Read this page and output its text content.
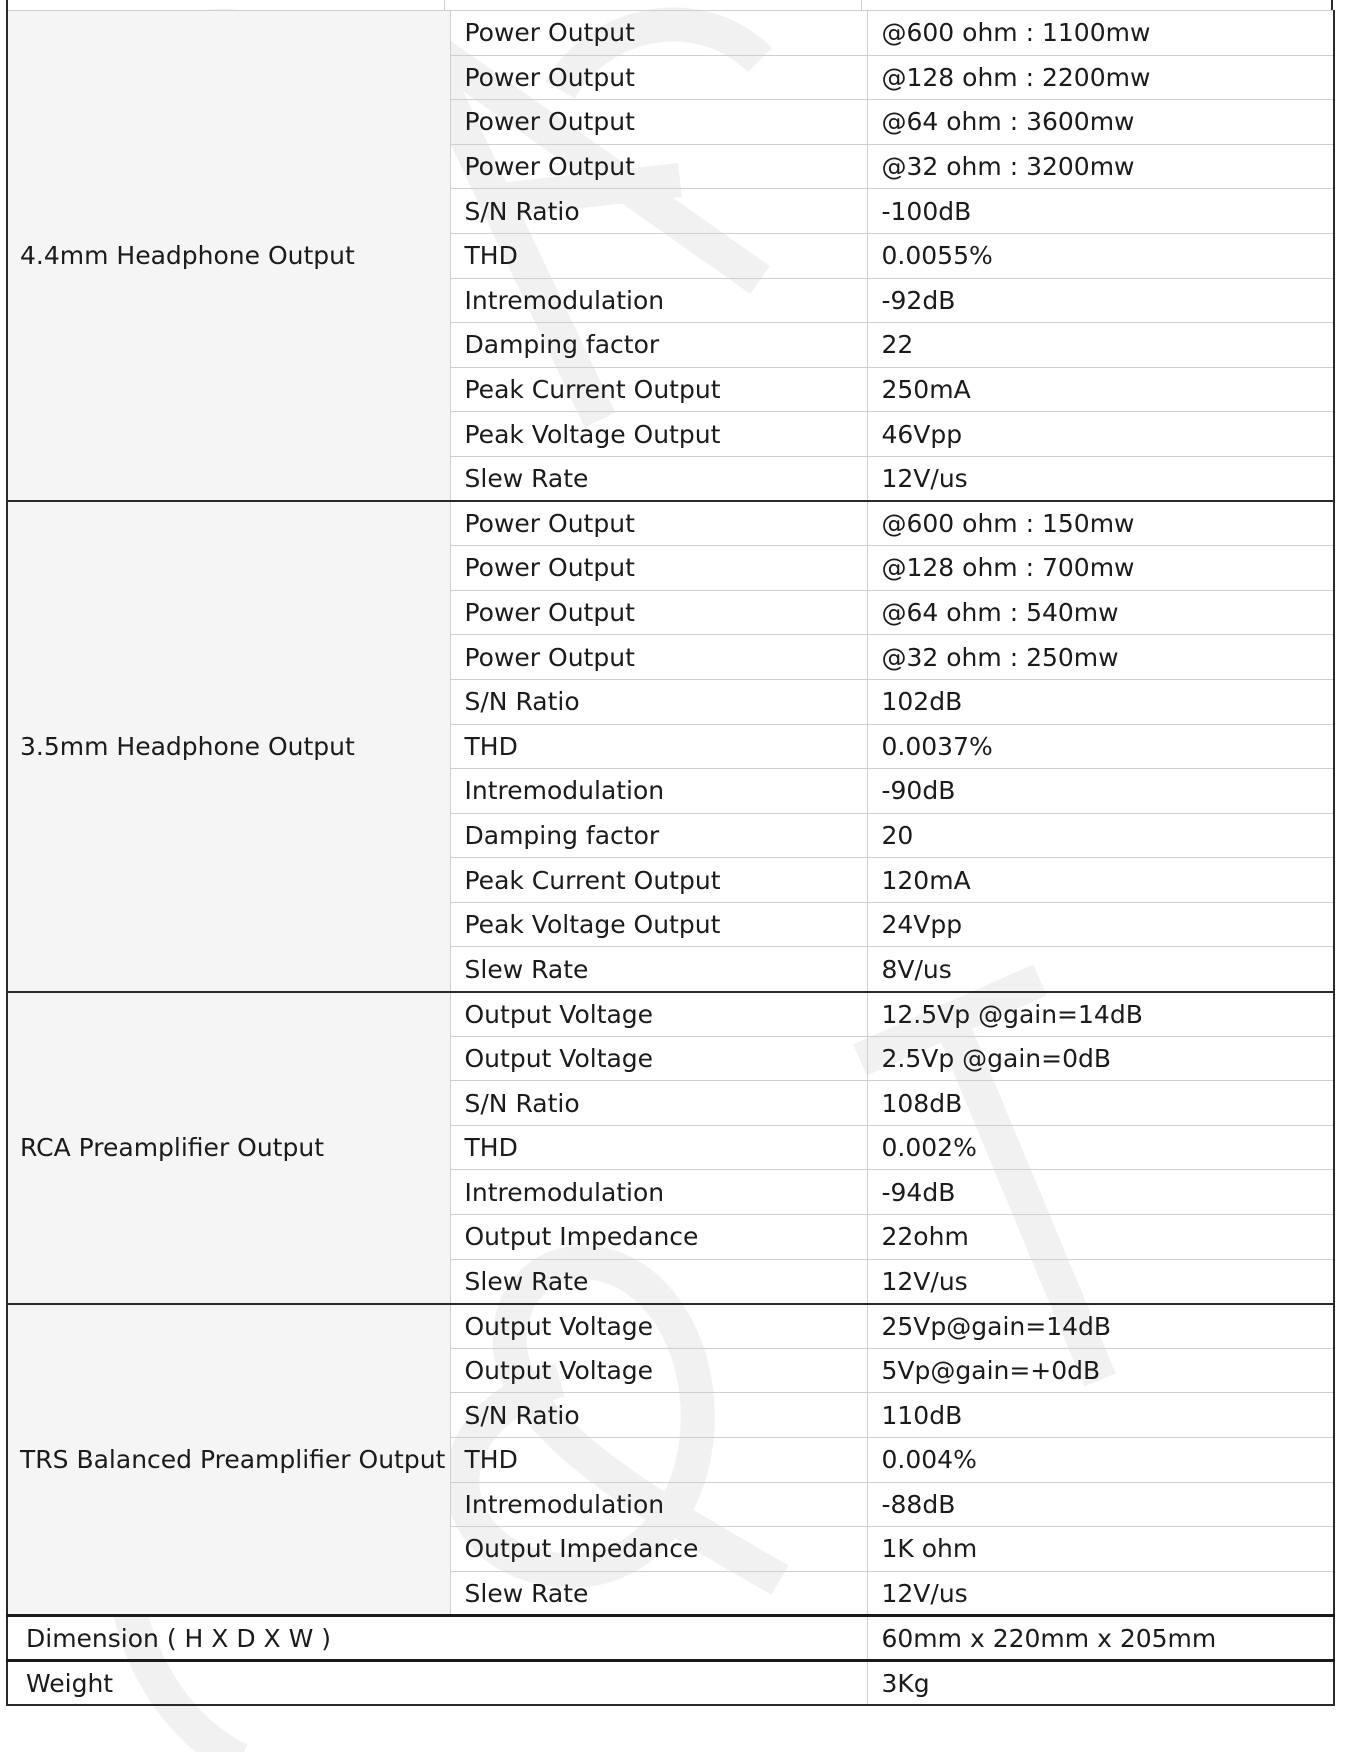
4.4mm Headphone Output	Power Output	@600 ohm : 1100mw
	Power Output	@128 ohm : 2200mw
	Power Output	@64 ohm : 3600mw
	Power Output	@32 ohm : 3200mw
	S/N Ratio	-100dB
	THD	0.0055%
	Intremodulation	-92dB
	Damping factor	22
	Peak Current Output	250mA
	Peak Voltage Output	46Vpp
	Slew Rate	12V/us
3.5mm Headphone Output	Power Output	@600 ohm : 150mw
	Power Output	@128 ohm : 700mw
	Power Output	@64 ohm : 540mw
	Power Output	@32 ohm : 250mw
	S/N Ratio	102dB
	THD	0.0037%
	Intremodulation	-90dB
	Damping factor	20
	Peak Current Output	120mA
	Peak Voltage Output	24Vpp
	Slew Rate	8V/us
RCA Preamplifier Output	Output Voltage	12.5Vp @gain=14dB
	Output Voltage	2.5Vp @gain=0dB
	S/N Ratio	108dB
	THD	0.002%
	Intremodulation	-94dB
	Output Impedance	22ohm
	Slew Rate	12V/us
TRS Balanced Preamplifier Output	Output Voltage	25Vp@gain=14dB
	Output Voltage	5Vp@gain=+0dB
	S/N Ratio	110dB
	THD	0.004%
	Intremodulation	-88dB
	Output Impedance	1K ohm
	Slew Rate	12V/us
Dimension ( H X D X W )		60mm x 220mm x 205mm
Weight		3Kg
